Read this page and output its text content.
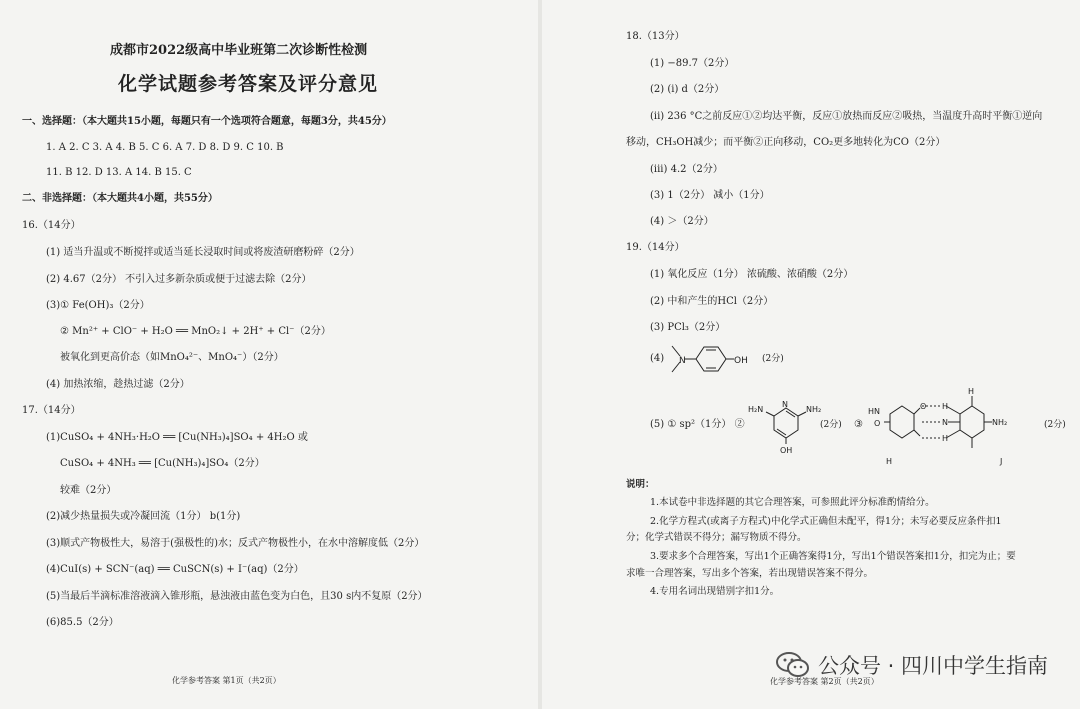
成都市2022级高中毕业班第二次诊断性检测
化学试题参考答案及评分意见
一、选择题：（本大题共15小题，每题只有一个选项符合题意，每题3分，共45分）
1. A 2. C 3. A 4. B 5. C 6. A 7. D 8. D 9. C 10. B
11. B 12. D 13. A 14. B 15. C
二、非选择题：（本大题共4小题，共55分）
16.（14分）
(1) 适当升温或不断搅拌或适当延长浸取时间或将废渣研磨粉碎（2分）
(2) 4.67（2分） 不引入过多新杂质或便于过滤去除（2分）
(3)① Fe(OH)₃（2分）
② Mn²⁺ + ClO⁻ + H₂O ══ MnO₂↓ + 2H⁺ + Cl⁻（2分）
被氧化到更高价态（如MnO₄²⁻、MnO₄⁻）（2分）
(4) 加热浓缩，趁热过滤（2分）
17.（14分）
(1)CuSO₄ + 4NH₃·H₂O ══ [Cu(NH₃)₄]SO₄ + 4H₂O 或
CuSO₄ + 4NH₃ ══ [Cu(NH₃)₄]SO₄（2分）
较难（2分）
(2)减少热量损失或冷凝回流（1分） b(1分)
(3)顺式产物极性大，易溶于(强极性的)水；反式产物极性小，在水中溶解度低（2分）
(4)CuI(s) + SCN⁻(aq) ══ CuSCN(s) + I⁻(aq)（2分）
(5)当最后半滴标准溶液滴入锥形瓶，悬浊液由蓝色变为白色，且30 s内不复原（2分）
(6)85.5（2分）
化学参考答案 第1页（共2页）
18.（13分）
(1) −89.7（2分）
(2) (i) d（2分）
(ii) 236 °C之前反应①②均达平衡，反应①放热而反应②吸热，当温度升高时平衡①逆向
移动，CH₃OH减少；而平衡②正向移动，CO₂更多地转化为CO（2分）
(iii) 4.2（2分）
(3) 1（2分） 减小（1分）
(4) ＞（2分）
19.（14分）
(1) 氧化反应（1分） 浓硫酸、浓硝酸（2分）
(2) 中和产生的HCl（2分）
(3) PCl₃（2分）
(4) N	OH (2分)
(5) ① sp²（1分） ②
H₂N	NH₂
N
OH
(2分) ③
H
HN
O
O H
N
H
NH₂
H	J
(2分)
说明：
1.本试卷中非选择题的其它合理答案，可参照此评分标准酌情给分。
2.化学方程式(或离子方程式)中化学式正确但未配平，得1分；未写必要反应条件扣1
分；化学式错误不得分；漏写物质不得分。
3.要求多个合理答案，写出1个正确答案得1分，写出1个错误答案扣1分，扣完为止；要
求唯一合理答案，写出多个答案，若出现错误答案不得分。
4.专用名词出现错别字扣1分。
化学参考答案 第2页（共2页）
公众号 · 四川中学生指南
